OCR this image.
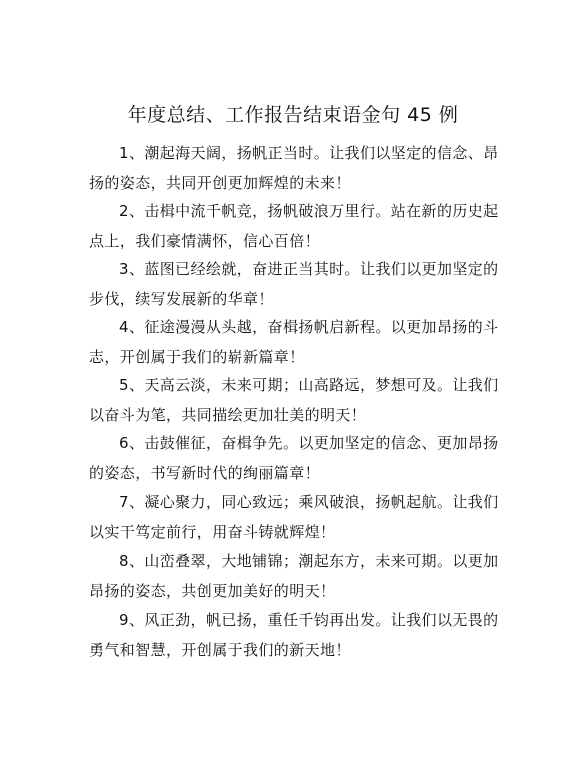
年度总结、工作报告结束语金句 45 例

1、潮起海天阔，扬帆正当时。让我们以坚定的信念、昂扬的姿态，共同开创更加辉煌的未来！

2、击楫中流千帆竞，扬帆破浪万里行。站在新的历史起点上，我们豪情满怀，信心百倍！

3、蓝图已经绘就，奋进正当其时。让我们以更加坚定的步伐，续写发展新的华章！

4、征途漫漫从头越，奋楫扬帆启新程。以更加昂扬的斗志，开创属于我们的崭新篇章！

5、天高云淡，未来可期；山高路远，梦想可及。让我们以奋斗为笔，共同描绘更加壮美的明天！

6、击鼓催征，奋楫争先。以更加坚定的信念、更加昂扬的姿态，书写新时代的绚丽篇章！

7、凝心聚力，同心致远；乘风破浪，扬帆起航。让我们以实干笃定前行，用奋斗铸就辉煌！

8、山峦叠翠，大地铺锦；潮起东方，未来可期。以更加昂扬的姿态，共创更加美好的明天！

9、风正劲，帆已扬，重任千钧再出发。让我们以无畏的勇气和智慧，开创属于我们的新天地！
